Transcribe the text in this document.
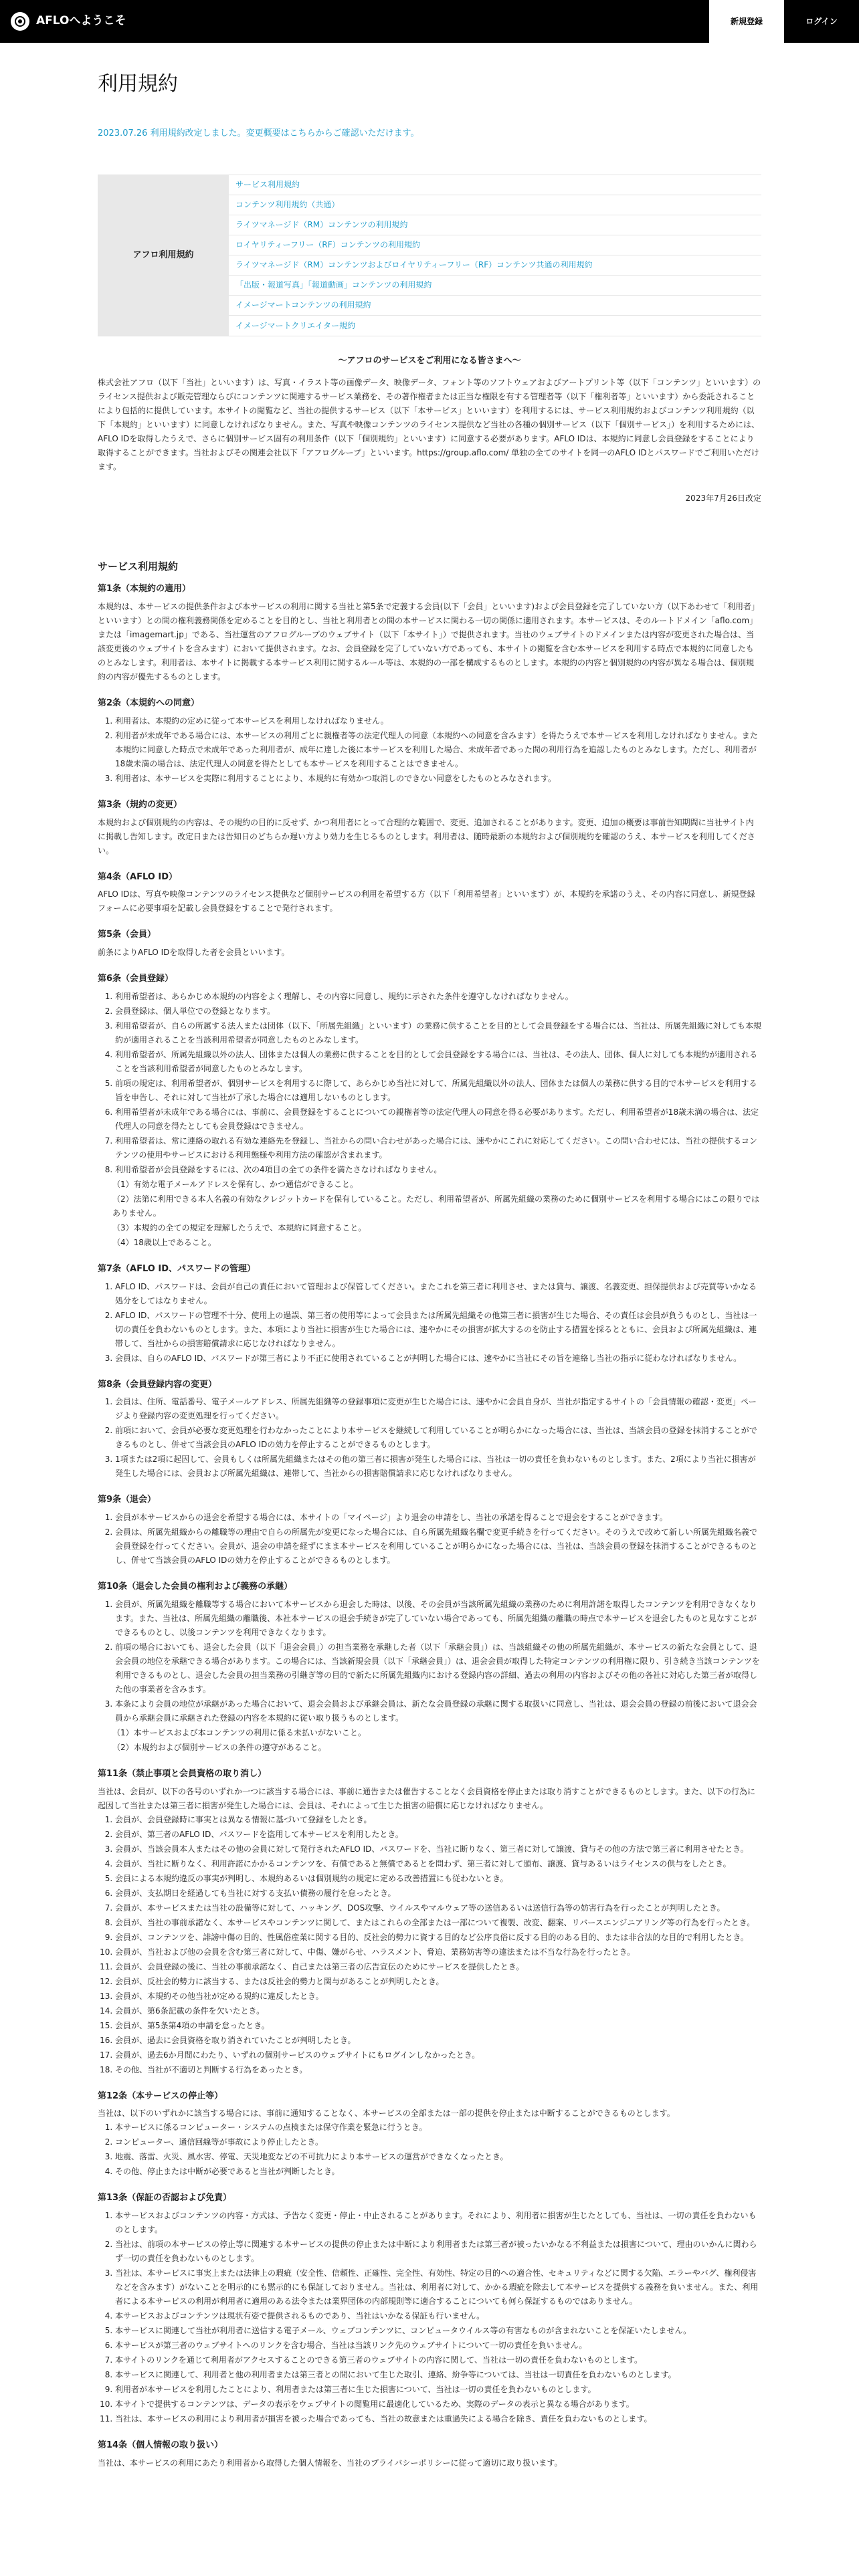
AFLOへようこそ	新規登録	ログイン
利用規約
2023.07.26 利用規約改定しました。変更概要はこちらからご確認いただけます。
アフロ利用規約
サービス利用規約
コンテンツ利用規約（共通）
ライツマネージド（RM）コンテンツの利用規約
ロイヤリティーフリー（RF）コンテンツの利用規約
ライツマネージド（RM）コンテンツおよびロイヤリティーフリー（RF）コンテンツ共通の利用規約
「出版・報道写真」「報道動画」コンテンツの利用規約
イメージマートコンテンツの利用規約
イメージマートクリエイター規約
〜アフロのサービスをご利用になる皆さまへ〜

株式会社アフロ（以下「当社」といいます）は、写真・イラスト等の画像データ、映像データ、フォント等のソフトウェアおよびアートプリント等（以下「コンテンツ」といいます）のライセンス提供および販売管理ならびにコンテンツに関連するサービス業務を、その著作権者または正当な権限を有する管理者等（以下「権利者等」といいます）から委託されることにより包括的に提供しています。本サイトの閲覧など、当社の提供するサービス（以下「本サービス」といいます）を利用するには、サービス利用規約およびコンテンツ利用規約（以下「本規約」といいます）に同意しなければなりません。また、写真や映像コンテンツのライセンス提供など当社の各種の個別サービス（以下「個別サービス」）を利用するためには、AFLO IDを取得したうえで、さらに個別サービス固有の利用条件（以下「個別規約」といいます）に同意する必要があります。AFLO IDは、本規約に同意し会員登録をすることにより取得することができます。当社およびその関連会社以下「アフログループ」といいます。https://group.aflo.com/ 単独の全てのサイトを同一のAFLO IDとパスワードでご利用いただけます。

2023年7月26日改定
サービス利用規約
第1条（本規約の適用）

本規約は、本サービスの提供条件および本サービスの利用に関する当社と第5条で定義する会員(以下「会員」といいます)および会員登録を完了していない方（以下あわせて「利用者」といいます）との間の権利義務関係を定めることを目的とし、当社と利用者との間の本サービスに関わる一切の関係に適用されます。本サービスは、そのルートドメイン「aflo.com」または「imagemart.jp」である、当社運営のアフログループのウェブサイト（以下「本サイト」）で提供されます。当社のウェブサイトのドメインまたは内容が変更された場合は、当該変更後のウェブサイトを含みます）において提供されます。なお、会員登録を完了していない方であっても、本サイトの閲覧を含む本サービスを利用する時点で本規約に同意したものとみなします。利用者は、本サイトに掲載する本サービス利用に関するルール等は、本規約の一部を構成するものとします。本規約の内容と個別規約の内容が異なる場合は、個別規約の内容が優先するものとします。

第2条（本規約への同意）
1. 利用者は、本規約の定めに従って本サービスを利用しなければなりません。
2. 利用者が未成年である場合には、本サービスの利用ごとに親権者等の法定代理人の同意（本規約への同意を含みます）を得たうえで本サービスを利用しなければなりません。また本規約に同意した時点で未成年であった利用者が、成年に達した後に本サービスを利用した場合、未成年者であった間の利用行為を追認したものとみなします。ただし、利用者が18歳未満の場合は、法定代理人の同意を得たとしても本サービスを利用することはできません。
3. 利用者は、本サービスを実際に利用することにより、本規約に有効かつ取消しのできない同意をしたものとみなされます。
第3条（規約の変更）

本規約および個別規約の内容は、その規約の目的に反せず、かつ利用者にとって合理的な範囲で、変更、追加されることがあります。変更、追加の概要は事前告知期間に当社サイト内に掲載し告知します。改定日または告知日のどちらか遅い方より効力を生じるものとします。利用者は、随時最新の本規約および個別規約を確認のうえ、本サービスを利用してください。

第4条（AFLO ID）

AFLO IDは、写真や映像コンテンツのライセンス提供など個別サービスの利用を希望する方（以下「利用希望者」といいます）が、本規約を承諾のうえ、その内容に同意し、新規登録フォームに必要事項を記載し会員登録をすることで発行されます。

第5条（会員）

前条によりAFLO IDを取得した者を会員といいます。

第6条（会員登録）
1. 利用希望者は、あらかじめ本規約の内容をよく理解し、その内容に同意し、規約に示された条件を遵守しなければなりません。
2. 会員登録は、個人単位での登録となります。
3. 利用希望者が、自らの所属する法人または団体（以下、「所属先組織」といいます）の業務に供することを目的として会員登録をする場合には、当社は、所属先組織に対しても本規約が適用されることを当該利用希望者が同意したものとみなします。
4. 利用希望者が、所属先組織以外の法人、団体または個人の業務に供することを目的として会員登録をする場合には、当社は、その法人、団体、個人に対しても本規約が適用されることを当該利用希望者が同意したものとみなします。
5. 前項の規定は、利用希望者が、個別サービスを利用するに際して、あらかじめ当社に対して、所属先組織以外の法人、団体または個人の業務に供する目的で本サービスを利用する旨を申告し、それに対して当社が了承した場合には適用しないものとします。
6. 利用希望者が未成年である場合には、事前に、会員登録をすることについての親権者等の法定代理人の同意を得る必要があります。ただし、利用希望者が18歳未満の場合は、法定代理人の同意を得たとしても会員登録はできません。
7. 利用希望者は、常に連絡の取れる有効な連絡先を登録し、当社からの問い合わせがあった場合には、速やかにこれに対応してください。この問い合わせには、当社の提供するコンテンツの使用やサービスにおける利用態様や利用方法の確認が含まれます。
8. 利用希望者が会員登録をするには、次の4項目の全ての条件を満たさなければなりません。
（1）有効な電子メールアドレスを保有し、かつ通信ができること。
（2）法第に利用できる本人名義の有効なクレジットカードを保有していること。ただし、利用希望者が、所属先組織の業務のために個別サービスを利用する場合にはこの限りではありません。
（3）本規約の全ての規定を理解したうえで、本規約に同意すること。
（4）18歳以上であること。
第7条（AFLO ID、パスワードの管理）
1. AFLO ID、パスワードは、会員が自己の責任において管理および保管してください。またこれを第三者に利用させ、または貸与、譲渡、名義変更、担保提供および売買等いかなる処分をしてはなりません。
2. AFLO ID、パスワードの管理不十分、使用上の過誤、第三者の使用等によって会員または所属先組織その他第三者に損害が生じた場合、その責任は会員が負うものとし、当社は一切の責任を負わないものとします。また、本項により当社に損害が生じた場合には、速やかにその損害が拡大するのを防止する措置を採るとともに、会員および所属先組織は、連帯して、当社からの損害賠償請求に応じなければなりません。
3. 会員は、自らのAFLO ID、パスワードが第三者により不正に使用されていることが判明した場合には、速やかに当社にその旨を連絡し当社の指示に従わなければなりません。
第8条（会員登録内容の変更）
1. 会員は、住所、電話番号、電子メールアドレス、所属先組織等の登録事項に変更が生じた場合には、速やかに会員自身が、当社が指定するサイトの「会員情報の確認・変更」ページより登録内容の変更処理を行ってください。
2. 前項において、会員が必要な変更処理を行わなかったことにより本サービスを継続して利用していることが明らかになった場合には、当社は、当該会員の登録を抹消することができるものとし、併せて当該会員のAFLO IDの効力を停止することができるものとします。
3. 1項または2項に起因して、会員もしくは所属先組織またはその他の第三者に損害が発生した場合には、当社は一切の責任を負わないものとします。また、2項により当社に損害が発生した場合には、会員および所属先組織は、連帯して、当社からの損害賠償請求に応じなければなりません。
第9条（退会）
1. 会員が本サービスからの退会を希望する場合には、本サイトの「マイページ」より退会の申請をし、当社の承諾を得ることで退会をすることができます。
2. 会員は、所属先組織からの離職等の理由で自らの所属先が変更になった場合には、自ら所属先組織名欄で変更手続きを行ってください。そのうえで改めて新しい所属先組織名義で会員登録を行ってください。会員が、退会の申請を経ずにまま本サービスを利用していることが明らかになった場合には、当社は、当該会員の登録を抹消することができるものとし、併せて当該会員のAFLO IDの効力を停止することができるものとします。
第10条（退会した会員の権利および義務の承継）
1. 会員が、所属先組織を離職等する場合において本サービスから退会した時は、以後、その会員が当該所属先組織の業務のために利用許諾を取得したコンテンツを利用できなくなります。また、当社は、所属先組織の離職後、本社本サービスの退会手続きが完了していない場合であっても、所属先組織の離職の時点で本サービスを退会したものと見なすことができるものとし、以後コンテンツを利用できなくなります。
2. 前項の場合においても、退会した会員（以下「退会会員」）の担当業務を承継した者（以下「承継会員」）は、当該組織その他の所属先組織が、本サービスの新たな会員として、退会会員の地位を承継できる場合があります。この場合には、当該新規会員（以下「承継会員」）は、退会会員が取得した特定コンテンツの利用権に限り、引き続き当該コンテンツを利用できるものとし、退会した会員の担当業務の引継ぎ等の目的で新たに所属先組織内における登録内容の詳細、過去の利用の内容およびその他の各社に対応した第三者が取得した他の事業者を含みます。
3. 本条により会員の地位が承継があった場合において、退会会員および承継会員は、新たな会員登録の承継に関する取扱いに同意し、当社は、退会会員の登録の前後において退会会員から承継会員に承継された登録の内容を本規約に従い取り扱うものとします。
（1）本サービスおよび本コンテンツの利用に係る未払いがないこと。
（2）本規約および個別サービスの条件の遵守があること。
第11条（禁止事項と会員資格の取り消し）

当社は、会員が、以下の各号のいずれか一つに該当する場合には、事前に通告または催告することなく会員資格を停止または取り消すことができるものとします。また、以下の行為に起因して当社または第三者に損害が発生した場合には、会員は、それによって生じた損害の賠償に応じなければなりません。

1. 会員が、会員登録時に事実とは異なる情報に基づいて登録をしたとき。
2. 会員が、第三者のAFLO ID、パスワードを盗用して本サービスを利用したとき。
3. 会員が、当該会員本人またはその他の会員に対して発行されたAFLO ID、パスワードを、当社に断りなく、第三者に対して譲渡、貸与その他の方法で第三者に利用させたとき。
4. 会員が、当社に断りなく、利用許諾にかかるコンテンツを、有償であると無償であるとを問わず、第三者に対して頒布、譲渡、貸与あるいはライセンスの供与をしたとき。
5. 会員による本規約違反の事実が判明し、本規約あるいは個別規約の規定に定める改善措置にも従わないとき。
6. 会員が、支払期日を経過しても当社に対する支払い債務の履行を怠ったとき。
7. 会員が、本サービスまたは当社の設備等に対して、ハッキング、DOS攻撃、ウイルスやマルウェア等の送信あるいは送信行為等の妨害行為を行ったことが判明したとき。
8. 会員が、当社の事前承諾なく、本サービスやコンテンツに関して、またはこれらの全部または一部について複製、改変、翻案、リバースエンジニアリング等の行為を行ったとき。
9. 会員が、コンテンツを、誹謗中傷の目的、性風俗産業に関する目的、反社会的勢力に資する目的など公序良俗に反する目的のある目的、または非合法的な目的で利用したとき。
10. 会員が、当社および他の会員を含む第三者に対して、中傷、嫌がらせ、ハラスメント、脅迫、業務妨害等の違法または不当な行為を行ったとき。
11. 会員が、会員登録の後に、当社の事前承諾なく、自己または第三者の広告宣伝のためにサービスを提供したとき。
12. 会員が、反社会的勢力に該当する、または反社会的勢力と関与があることが判明したとき。
13. 会員が、本規約その他当社が定める規約に違反したとき。
14. 会員が、第6条記載の条件を欠いたとき。
15. 会員が、第5条第4項の申請を怠ったとき。
16. 会員が、過去に会員資格を取り消されていたことが判明したとき。
17. 会員が、過去6か月間にわたり、いずれの個別サービスのウェブサイトにもログインしなかったとき。
18. その他、当社が不適切と判断する行為をあったとき。
第12条（本サービスの停止等）

当社は、以下のいずれかに該当する場合には、事前に通知することなく、本サービスの全部または一部の提供を停止または中断することができるものとします。

1. 本サービスに係るコンピューター・システムの点検または保守作業を緊急に行うとき。
2. コンピューター、通信回線等が事故により停止したとき。
3. 地震、落雷、火災、風水害、停電、天災地変などの不可抗力により本サービスの運営ができなくなったとき。
4. その他、停止または中断が必要であると当社が判断したとき。
第13条（保証の否認および免責）
1. 本サービスおよびコンテンツの内容・方式は、予告なく変更・停止・中止されることがあります。それにより、利用者に損害が生じたとしても、当社は、一切の責任を負わないものとします。
2. 当社は、前項の本サービスの停止等に関連する本サービスの提供の停止または中断により利用者または第三者が被ったいかなる不利益または損害について、理由のいかんに関わらず一切の責任を負わないものとします。
3. 当社は、本サービスに事実上または法律上の瑕疵（安全性、信頼性、正確性、完全性、有効性、特定の目的への適合性、セキュリティなどに関する欠陥、エラーやバグ、権利侵害などを含みます）がないことを明示的にも黙示的にも保証しておりません。当社は、利用者に対して、かかる瑕疵を除去して本サービスを提供する義務を負いません。また、利用者による本サービスの利用が利用者に適用のある法令または業界団体の内部規則等に適合することについても何ら保証するものではありません。
4. 本サービスおよびコンテンツは現状有姿で提供されるものであり、当社はいかなる保証も行いません。
5. 本サービスに関連して当社が利用者に送信する電子メール、ウェブコンテンツに、コンピュータウイルス等の有害なものが含まれないことを保証いたしません。
6. 本サービスが第三者のウェブサイトへのリンクを含む場合、当社は当該リンク先のウェブサイトについて一切の責任を負いません。
7. 本サイトのリンクを通じて利用者がアクセスすることのできる第三者のウェブサイトの内容に関して、当社は一切の責任を負わないものとします。
8. 本サービスに関連して、利用者と他の利用者または第三者との間において生じた取引、連絡、紛争等については、当社は一切責任を負わないものとします。
9. 利用者が本サービスを利用したことにより、利用者または第三者に生じた損害について、当社は一切の責任を負わないものとします。
10. 本サイトで提供するコンテンツは、データの表示をウェブサイトの閲覧用に最適化しているため、実際のデータの表示と異なる場合があります。
11. 当社は、本サービスの利用により利用者が損害を被った場合であっても、当社の故意または重過失による場合を除き、責任を負わないものとします。
第14条（個人情報の取り扱い）

当社は、本サービスの利用にあたり利用者から取得した個人情報を、当社のプライバシーポリシーに従って適切に取り扱います。
